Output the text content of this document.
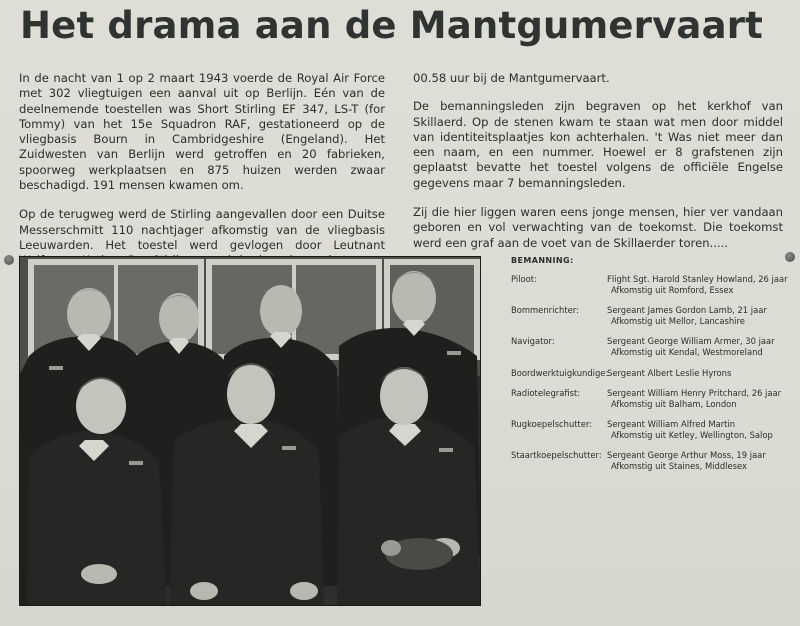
Het drama aan de Mantgumervaart

In de nacht van 1 op 2 maart 1943 voerde de Royal Air Force met 302 vliegtuigen een aanval uit op Berlijn. Eén van de deelnemende toestellen was Short Stirling EF 347, LS-T (for Tommy) van het 15e Squadron RAF, gestationeerd op de vliegbasis Bourn in Cambridgeshire (Engeland). Het Zuidwesten van Berlijn werd getroffen en 20 fabrieken, spoorweg werkplaatsen en 875 huizen werden zwaar beschadigd. 191 mensen kwamen om.

Op de terugweg werd de Stirling aangevallen door een Duitse Messerschmitt 110 nachtjager afkomstig van de vliegbasis Leeuwarden. Het toestel werd gevlogen door Leutnant

00.58 uur bij de Mantgumervaart.

De bemanningsleden zijn begraven op het kerkhof van Skillaerd. Op de stenen kwam te staan wat men door middel van identiteitsplaatjes kon achterhalen. 't Was niet meer dan een naam, en een nummer. Hoewel er 8 grafstenen zijn geplaatst bevatte het toestel volgens de officiële Engelse gegevens maar 7 bemanningsleden.

Zij die hier liggen waren eens jonge mensen, hier ver vandaan geboren en vol verwachting van de toekomst. Die toekomst werd een graf aan de voet van de Skillaerder toren.....

BEMANNING:
Piloot:	Flight Sgt. Harold Stanley Howland, 26 jaar
Afkomstig uit Romford, Essex
Bommenrichter:	Sergeant James Gordon Lamb, 21 jaar
Afkomstig uit Mellor, Lancashire
Navigator:	Sergeant George William Armer, 30 jaar
Afkomstig uit Kendal, Westmoreland
Boordwerktuigkundige:
Sergeant Albert Leslie Hyrons
Radiotelegrafist:	Sergeant William Henry Pritchard, 26 jaar
Afkomstig uit Balham, London
Rugkoepelschutter: Sergeant William Alfred Martin
Afkomstig uit Ketley, Wellington, Salop
Staartkoepelschutter: Sergeant George Arthur Moss, 19 jaar
Afkomstig uit Staines, Middlesex
